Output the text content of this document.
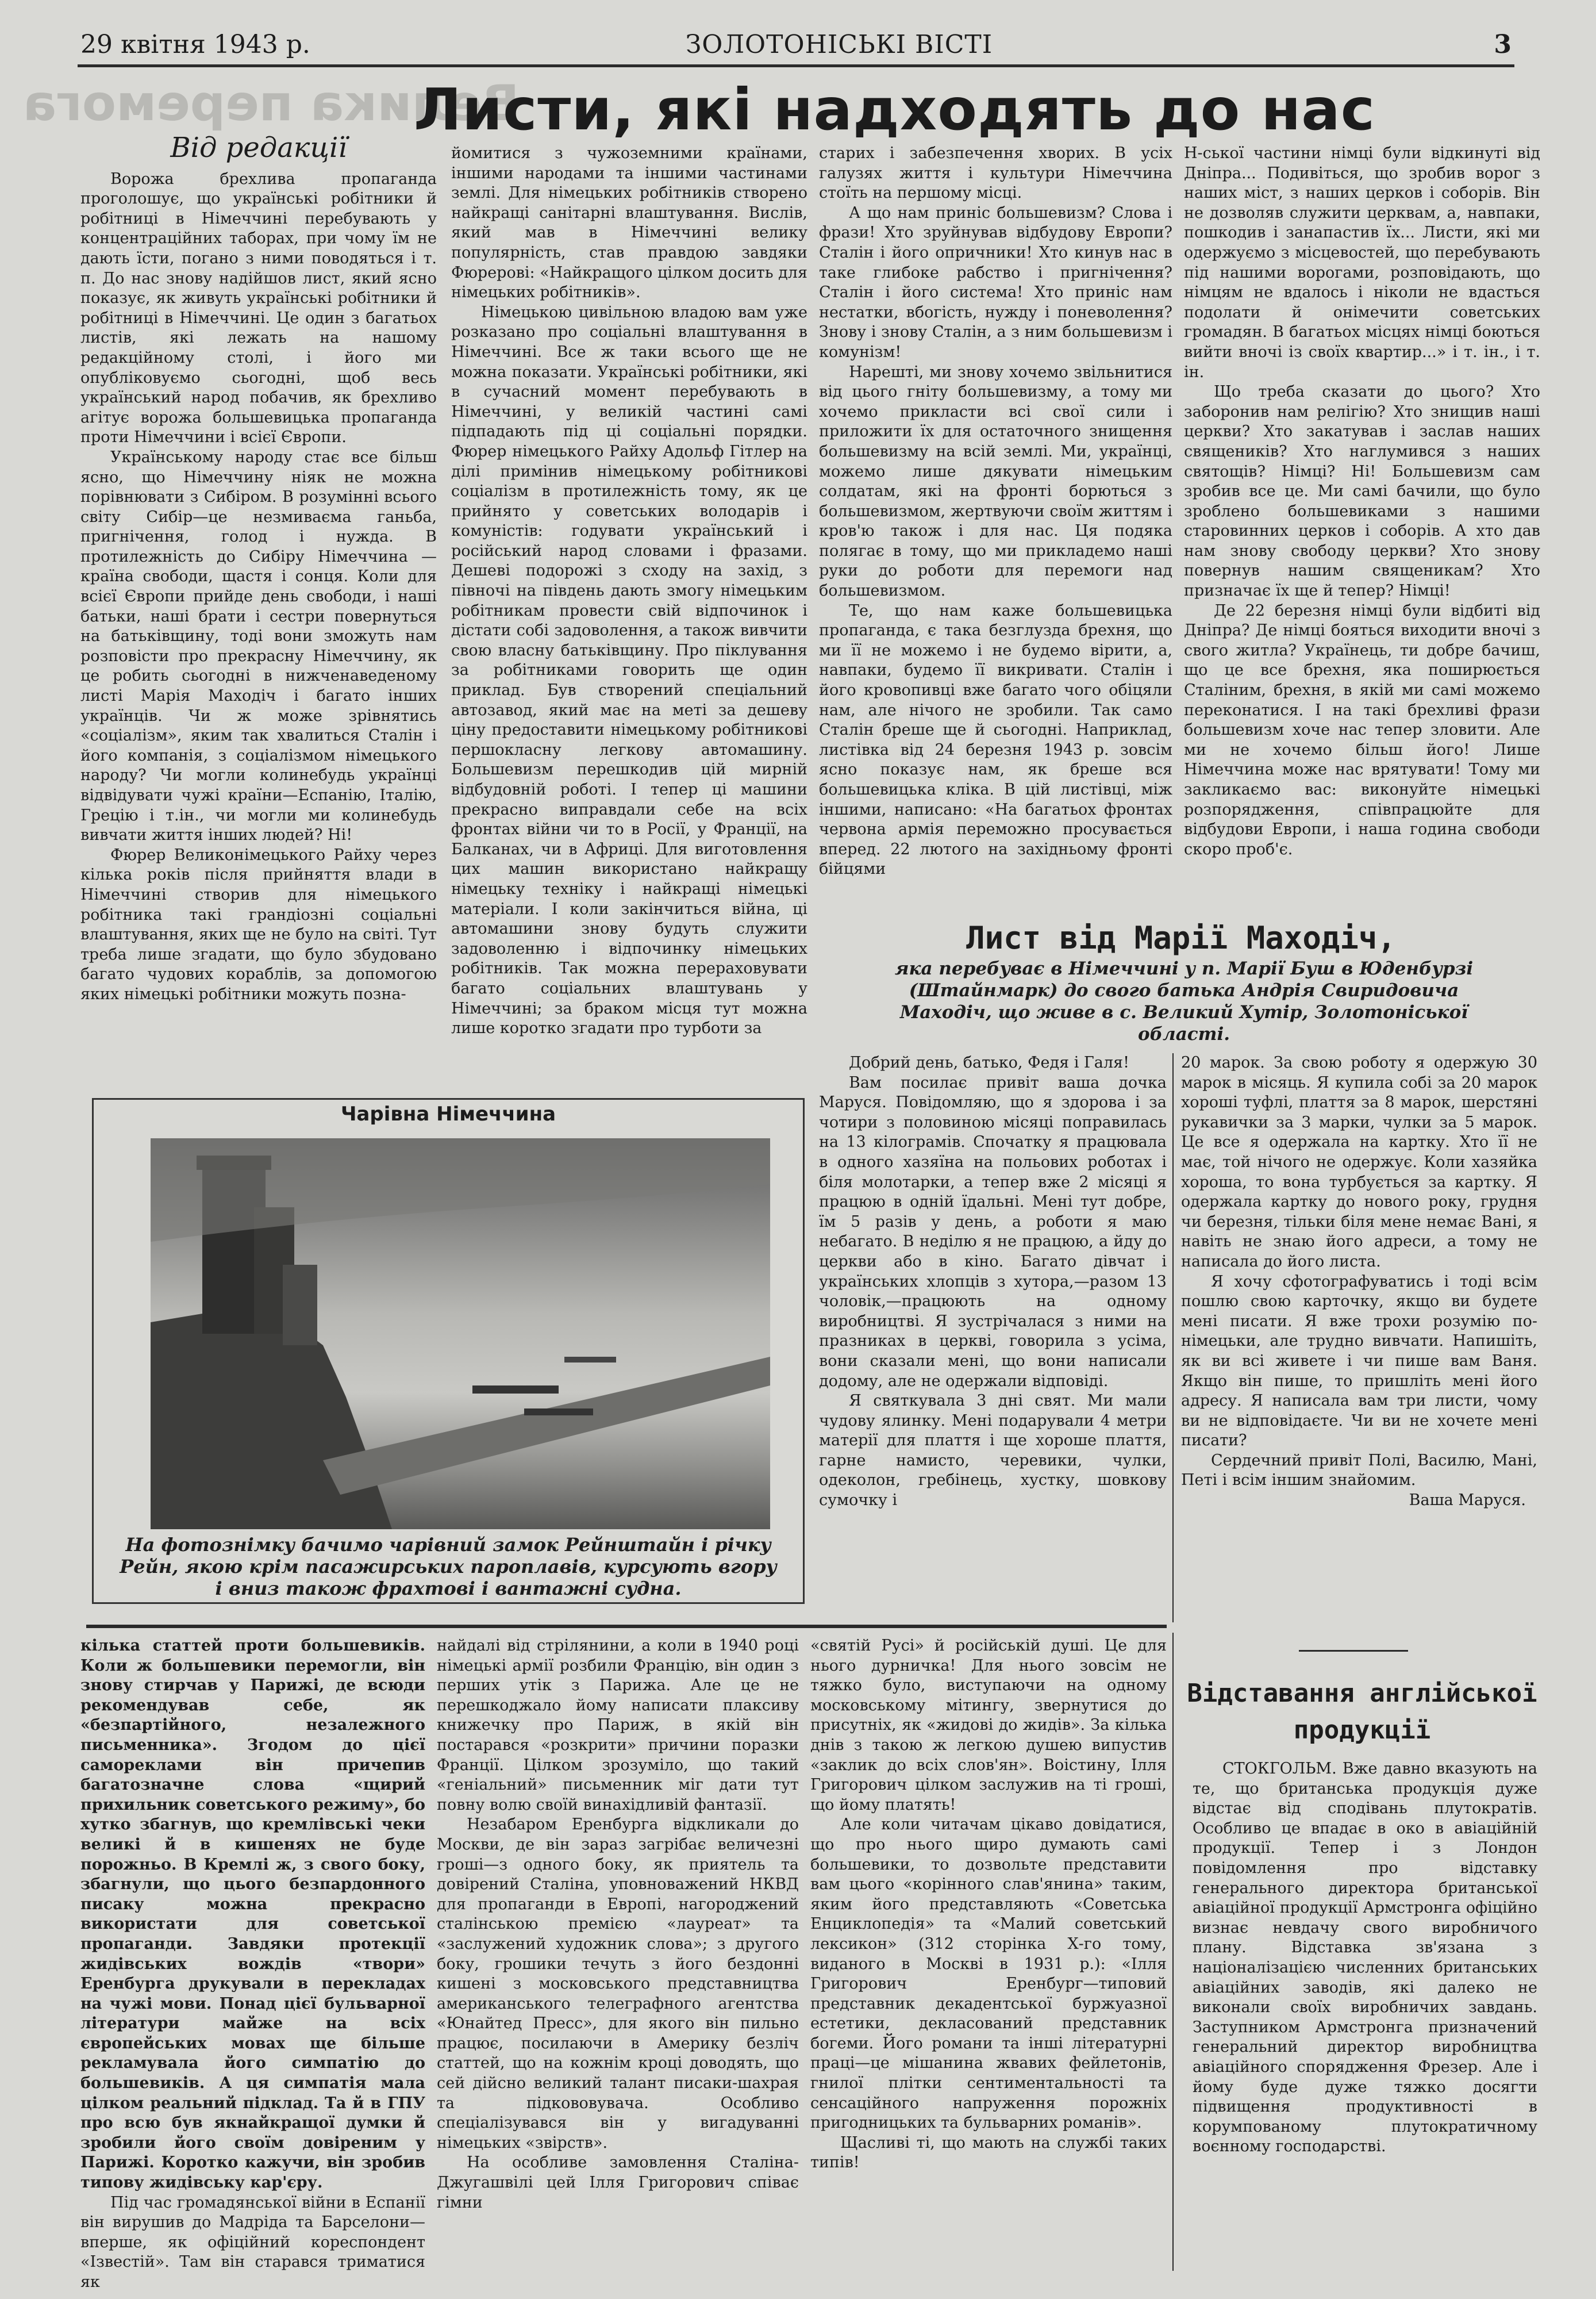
Велика перемога
29 квітня 1943 р.	ЗОЛОТОНІСЬКІ ВІСТІ	3
Листи, які надходять до нас
Від редакції

Ворожа брехлива пропаганда проголошує, що українські робітники й робітниці в Німеччині перебувають у концентраційних таборах, при чому їм не дають їсти, погано з ними поводяться і т. п. До нас знову надійшов лист, який ясно показує, як живуть українські робітники й робітниці в Німеччині. Це один з багатьох листів, які лежать на нашому редакційному столі, і його ми опубліковуємо сьогодні, щоб весь український народ побачив, як брехливо агітує ворожа большевицька пропаганда проти Німеччини і всієї Європи.

Українському народу стає все більш ясно, що Німеччину ніяк не можна порівнювати з Сибіром. В розумінні всього світу Сибір—це незмивaєма ганьба, пригнічення, голод і нужда. В протилежність до Сибіру Німеччина — країна свободи, щастя і сонця. Коли для всієї Європи прийде день свободи, і наші батьки, наші брати і сестри повернуться на батьківщину, тоді вони зможуть нам розповісти про прекрасну Німеччину, як це робить сьогодні в нижченаведеному листі Марія Маходіч і багато інших українців. Чи ж може зрівнятись «соціалізм», яким так хвалиться Сталін і його компанія, з соціалізмом німецького народу? Чи могли колинебудь українці відвідувати чужі країни—Еспанію, Італію, Грецію і т.ін., чи могли ми колинебудь вивчати життя інших людей? Ні!

Фюрер Великонімецького Райху через кілька років після прийняття влади в Німеччині створив для німецького робітника такі грандіозні соціальні влаштування, яких ще не було на світі. Тут треба лише згадати, що було збудовано багато чудових кораблів, за допомогою яких німецькі робітники можуть позна-

йомитися з чужоземними країнами, іншими народами та іншими частинами землі. Для німецьких робітників створено найкращі санітарні влаштування. Вислів, який мав в Німеччині велику популярність, став правдою завдяки Фюрерові: «Найкращого цілком досить для німецьких робітників».

Німецькою цивільною владою вам уже розказано про соціальні влаштування в Німеччині. Все ж таки всього ще не можна показати. Українські робітники, які в сучасний момент перебувають в Німеччині, у великій частині самі підпадають під ці соціальні порядки. Фюрер німецького Райху Адольф Гітлер на ділі примінив німецькому робітникові соціалізм в протилежність тому, як це прийнято у советських володарів і комуністів: годувати український і російський народ словами і фразами. Дешеві подорожі з сходу на захід, з півночі на південь дають змогу німецьким робітникам провести свій відпочинок і дістати собі задоволення, а також вивчити свою власну батьківщину. Про піклування за робітниками говорить ще один приклад. Був створений спеціальний автозавод, який має на меті за дешеву ціну предоставити німецькому робітникові першокласну легкову автомашину. Большевизм перешкодив цій мирній відбудовній роботі. І тепер ці машини прекрасно виправдали себе на всіх фронтах війни чи то в Росії, у Франції, на Балканах, чи в Африці. Для виготовлення цих машин використано найкращу німецьку техніку і найкращі німецькі матеріали. І коли закінчиться війна, ці автомашини знову будуть служити задоволенню і відпочинку німецьких робітників. Так можна перераховувати багато соціальних влаштувань у Німеччині; за браком місця тут можна лише коротко згадати про турботи за

старих і забезпечення хворих. В усіх галузях життя і культури Німеччина стоїть на першому місці.

А що нам приніс большевизм? Слова і фрази! Хто зруйнував відбудову Европи? Сталін і його опричники! Хто кинув нас в таке глибоке рабство і пригнічення? Сталін і його система! Хто приніс нам нестатки, вбогість, нужду і поневолення? Знову і знову Сталін, а з ним большевизм і комунізм!

Нарешті, ми знову хочемо звільнитися від цього гніту большевизму, а тому ми хочемо прикласти всі свої сили і приложити їх для остаточного знищення большевизму на всій землі. Ми, українці, можемо лише дякувати німецьким солдатам, які на фронті борються з большевизмом, жертвуючи своїм життям і кров'ю також і для нас. Ця подяка полягає в тому, що ми прикладемо наші руки до роботи для перемоги над большевизмом.

Те, що нам каже большевицька пропаганда, є така безглузда брехня, що ми її не можемо і не будемо вірити, а, навпаки, будемо її викривати. Сталін і його кровопивці вже багато чого обіцяли нам, але нічого не зробили. Так само Сталін бреше ще й сьогодні. Наприклад, листівка від 24 березня 1943 р. зовсім ясно показує нам, як бреше вся большевицька кліка. В цій листівці, між іншими, написано: «На багатьох фронтах червона армія переможно просувається вперед. 22 лютого на західньому фронті бійцями

Н-ської частини німці були відкинуті від Дніпра... Подивіться, що зробив ворог з наших міст, з наших церков і соборів. Він не дозволяв служити церквам, а, навпаки, пошкодив і занапастив їх... Листи, які ми одержуємо з місцевостей, що перебувають під нашими ворогами, розповідають, що німцям не вдалось і ніколи не вдасться подолати й онімечити советських громадян. В багатьох місцях німці боються вийти вночі із своїх квартир...» і т. ін., і т. ін.

Що треба сказати до цього? Хто заборонив нам релігію? Хто знищив наші церкви? Хто закатував і заслав наших священиків? Хто наглумився з наших святощів? Німці? Ні! Большевизм сам зробив все це. Ми самі бачили, що було зроблено большевиками з нашими старовинних церков і соборів. А хто дав нам знову свободу церкви? Хто знову повернув нашим священикам? Хто призначає їх ще й тепер? Німці!

Де 22 березня німці були відбиті від Дніпра? Де німці бояться виходити вночі з свого житла? Українець, ти добре бачиш, що це все брехня, яка поширюється Сталіним, брехня, в якій ми самі можемо переконатися. І на такі брехливі фрази большевизм хоче нас тепер зловити. Але ми не хочемо більш його! Лише Німеччина може нас врятувати! Тому ми закликаємо вас: виконуйте німецькі розпорядження, співпрацюйте для відбудови Европи, і наша година свободи скоро проб'є.

Лист від Марії Маходіч,
яка перебуває в Німеччині у п. Марії Буш в Юденбурзі (Штайнмарк) до свого батька Андрія Свиридовича Маходіч, що живе в с. Великий Хутір, Золотоніської області.

Добрий день, батько, Федя і Галя!

Вам посилає привіт ваша дочка Маруся. Повідомляю, що я здорова і за чотири з половиною місяці поправилась на 13 кілограмів. Спочатку я працювала в одного хазяїна на польових роботах і біля молотарки, а тепер вже 2 місяці я працюю в одній їдальні. Мені тут добре, їм 5 разів у день, а роботи я маю небагато. В неділю я не працюю, а йду до церкви або в кіно. Багато дівчат і українських хлопців з хутора,—разом 13 чоловік,—працюють на одному виробництві. Я зустрічалася з ними на празниках в церкві, говорила з усіма, вони сказали мені, що вони написали додому, але не одержали відповіді.

Я святкувала 3 дні свят. Ми мали чудову ялинку. Мені подарували 4 метри матерії для плаття і ще хороше плаття, гарне намисто, черевики, чулки, одеколон, гребінець, хустку, шовкову сумочку і

20 марок. За свою роботу я одержую 30 марок в місяць. Я купила собі за 20 марок хороші туфлі, плаття за 8 марок, шерстяні рукавички за 3 марки, чулки за 5 марок. Це все я одержала на картку. Хто її не має, той нічого не одержує. Коли хазяйка хороша, то вона турбується за картку. Я одержала картку до нового року, грудня чи березня, тільки біля мене немає Вані, я навіть не знаю його адреси, а тому не написала до його листа.

Я хочу сфотографуватись і тоді всім пошлю свою карточку, якщо ви будете мені писати. Я вже трохи розумію по-німецьки, але трудно вивчати. Напишіть, як ви всі живете і чи пише вам Ваня. Якщо він пише, то пришліть мені його адресу. Я написала вам три листи, чому ви не відповідаєте. Чи ви не хочете мені писати?

Сердечний привіт Полі, Василю, Мані, Петі і всім іншим знайомим.

Ваша Маруся.
Чарівна Німеччина
На фотознімку бачимо чарівний замок Рейнштайн і річку Рейн, якою крім пасажирських пароплавів, курсують вгору і вниз також фрахтові і вантажні судна.

кілька статтей проти большевиків. Коли ж большевики перемогли, він знову стирчав у Парижі, де всюди рекомендував себе, як «безпартійного, незалежного письменника». Згодом до цієї самореклами він причепив багатозначне слова «щирий прихильник советського режиму», бо хутко збагнув, що кремлівські чеки великі й в кишенях не буде порожньо. В Кремлі ж, з свого боку, збагнули, що цього безпардонного писаку можна прекрасно використати для советської пропаганди. Завдяки протекції жидівських вождів «твори» Еренбурга друкували в перекладах на чужі мови. Понад цієї бульварної літератури майже на всіх європейських мовах ще більше рекламувала його симпатію до большевиків. А ця симпатія мала цілком реальний підклад. Та й в ГПУ про всю був якнайкращої думки й зробили його своїм довіреним у Парижі. Коротко кажучи, він зробив типову жидівську кар'єру.

Під час громадянської війни в Еспанії він вирушив до Мадріда та Барселони—вперше, як офіційний кореспондент «Ізвестій». Там він старався триматися як

найдалі від стрілянини, а коли в 1940 році німецькі армії розбили Францію, він один з перших утік з Парижа. Але це не перешкоджало йому написати плаксиву книжечку про Париж, в якій він постарався «розкрити» причини поразки Франції. Цілком зрозуміло, що такий «геніальний» письменник міг дати тут повну волю своїй винахідливій фантазії.

Незабаром Еренбурга відкликали до Москви, де він зараз загрібає величезні гроші—з одного боку, як приятель та довірений Сталіна, уповноважений НКВД для пропаганди в Европі, нагороджений сталінською премією «лауреат» та «заслужений художник слова»; з другого боку, грошики течуть з його бездонні кишені з московського представництва американського телеграфного агентства «Юнайтед Пресс», для якого він пильно працює, посилаючи в Америку безліч статтей, що на кожнім кроці доводять, що сей дійсно великий талант писаки-шахрая та підкововувача. Особливо спеціалізувався він у вигадуванні німецьких «звірств».

На особливе замовлення Сталіна-Джугашвілі цей Ілля Григорович співає гімни

«святій Русі» й російській душі. Це для нього дурничка! Для нього зовсім не тяжко було, виступаючи на одному московському мітингу, звернутися до присутніх, як «жидові до жидів». За кілька днів з такою ж легкою душею випустив «заклик до всіх слов'ян». Воістину, Ілля Григорович цілком заслужив на ті гроші, що йому платять!

Але коли читачам цікаво довідатися, що про нього щиро думають самі большевики, то дозвольте представити вам цього «корінного слав'янина» таким, яким його представляють «Советська Енциклопедія» та «Малий советський лексикон» (312 сторінка Х-го тому, виданого в Москві в 1931 р.): «Ілля Григорович Еренбург—типовий представник декадентської буржуазної естетики, декласований представник богеми. Його романи та інші літературні праці—це мішанина жвавих фейлетонів, гнилої плітки сентиментальності та сенсаційного напруження порожніх пригодницьких та бульварних романів».

Щасливі ті, що мають на службі таких типів!

Відставання англійської
продукції

СТОКГОЛЬМ. Вже давно вказують на те, що британська продукція дуже відстає від сподівань плутократів. Особливо це впадає в око в авіаційній продукції. Тепер і з Лондон повідомлення про відставку генерального директора британської авіаційної продукції Армстронга офіційно визнає невдачу свого виробничого плану. Відставка зв'язана з націоналізацією численних британських авіаційних заводів, які далеко не виконали своїх виробничих завдань. Заступником Армстронга призначений генеральний директор виробництва авіаційного спорядження Фрезер. Але і йому буде дуже тяжко досягти підвищення продуктивності в корумпованому плутократичному воєнному господарстві.
